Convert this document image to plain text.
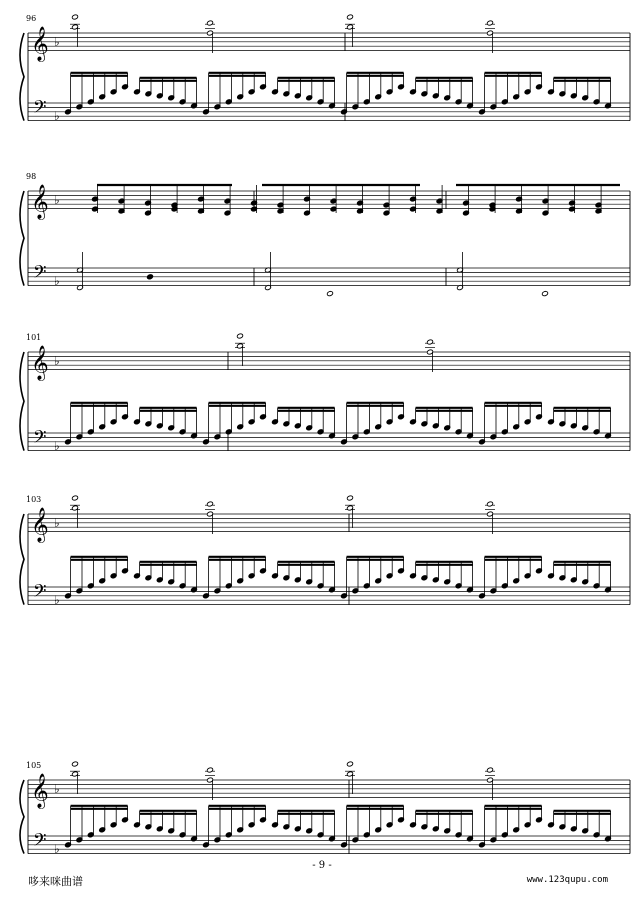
96
𝄞 ♭
𝄢 ♭
98
𝄞 ♭
𝄢 ♭
101
𝄞 ♭
𝄢 ♭
103
𝄞 ♭
𝄢 ♭
105
𝄞 ♭
𝄢 ♭
- 9 -
哆来咪曲谱	www.123qupu.com
